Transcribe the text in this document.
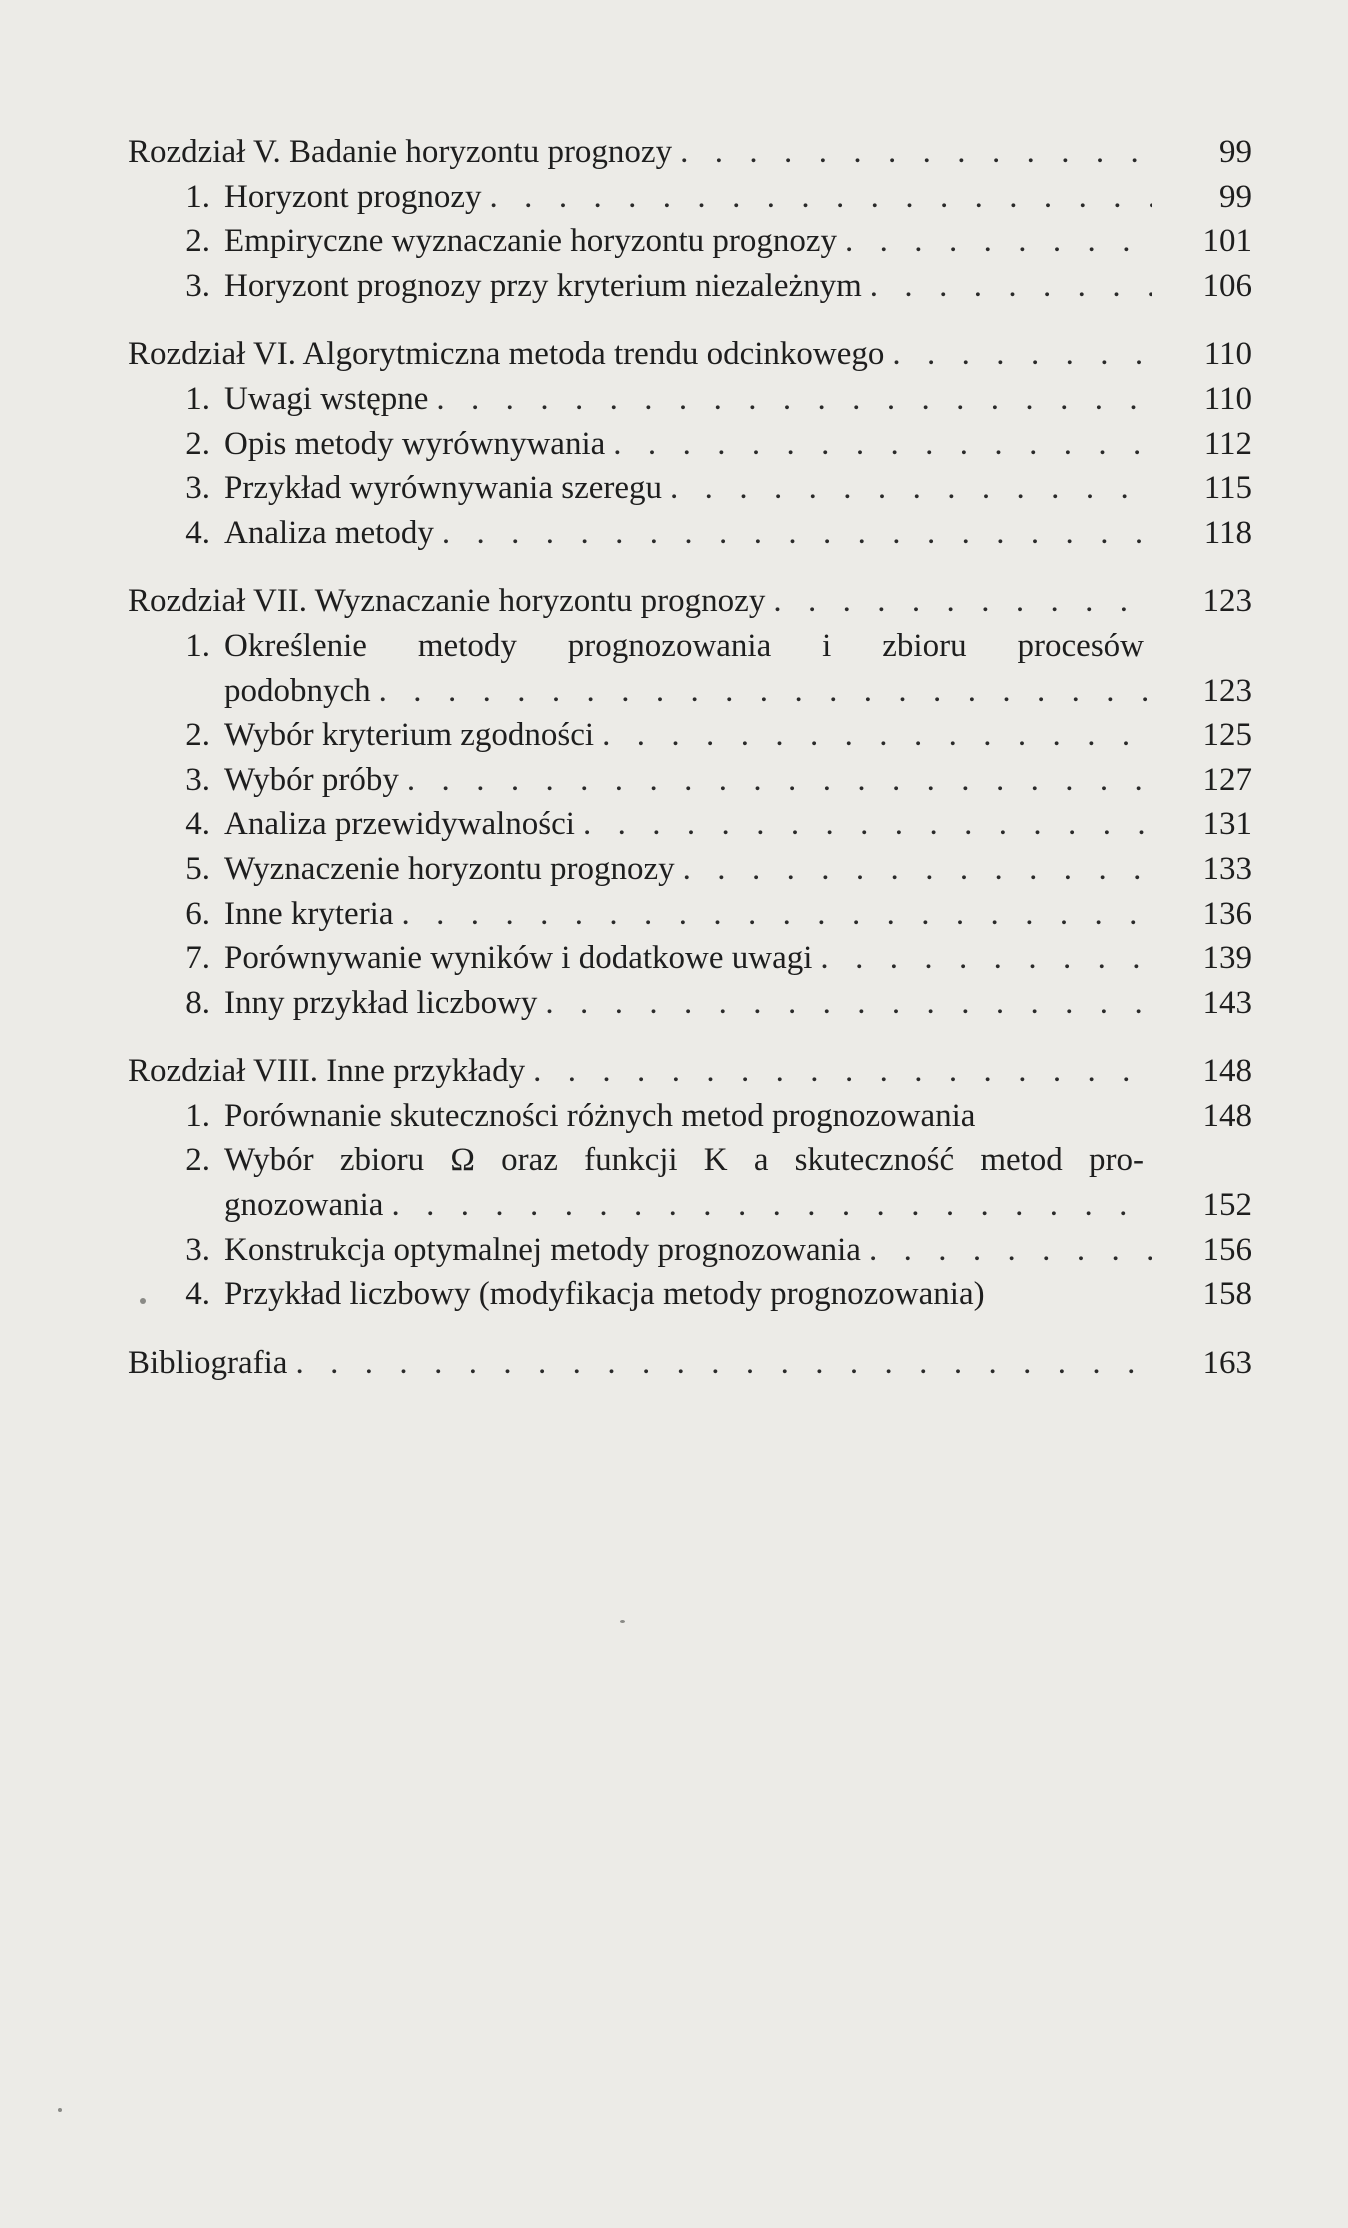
Rozdział V. Badanie horyzontu prognozy . . .	99
1. Horyzont prognozy . . .	99
2. Empiryczne wyznaczanie horyzontu prognozy . . .	101
3. Horyzont prognozy przy kryterium niezależnym . . .	106
Rozdział VI. Algorytmiczna metoda trendu odcinkowego . . .	110
1. Uwagi wstępne . . .	110
2. Opis metody wyrównywania . . .	112
3. Przykład wyrównywania szeregu . . .	115
4. Analiza metody . . .	118
Rozdział VII. Wyznaczanie horyzontu prognozy . . .	123
1. Określenie metody prognozowania i zbioru procesów
podobnych . . .	123
2. Wybór kryterium zgodności . . .	125
3. Wybór próby . . .	127
4. Analiza przewidywalności . . .	131
5. Wyznaczenie horyzontu prognozy . . .	133
6. Inne kryteria . . .	136
7. Porównywanie wyników i dodatkowe uwagi . . .	139
8. Inny przykład liczbowy . . .	143
Rozdział VIII. Inne przykłady . . .	148
1. Porównanie skuteczności różnych metod prognozowania	148
2. Wybór zbioru Ω oraz funkcji K a skuteczność metod pro-
gnozowania . . .	152
3. Konstrukcja optymalnej metody prognozowania . . .	156
4. Przykład liczbowy (modyfikacja metody prognozowania)	158
Bibliografia . . .	163
